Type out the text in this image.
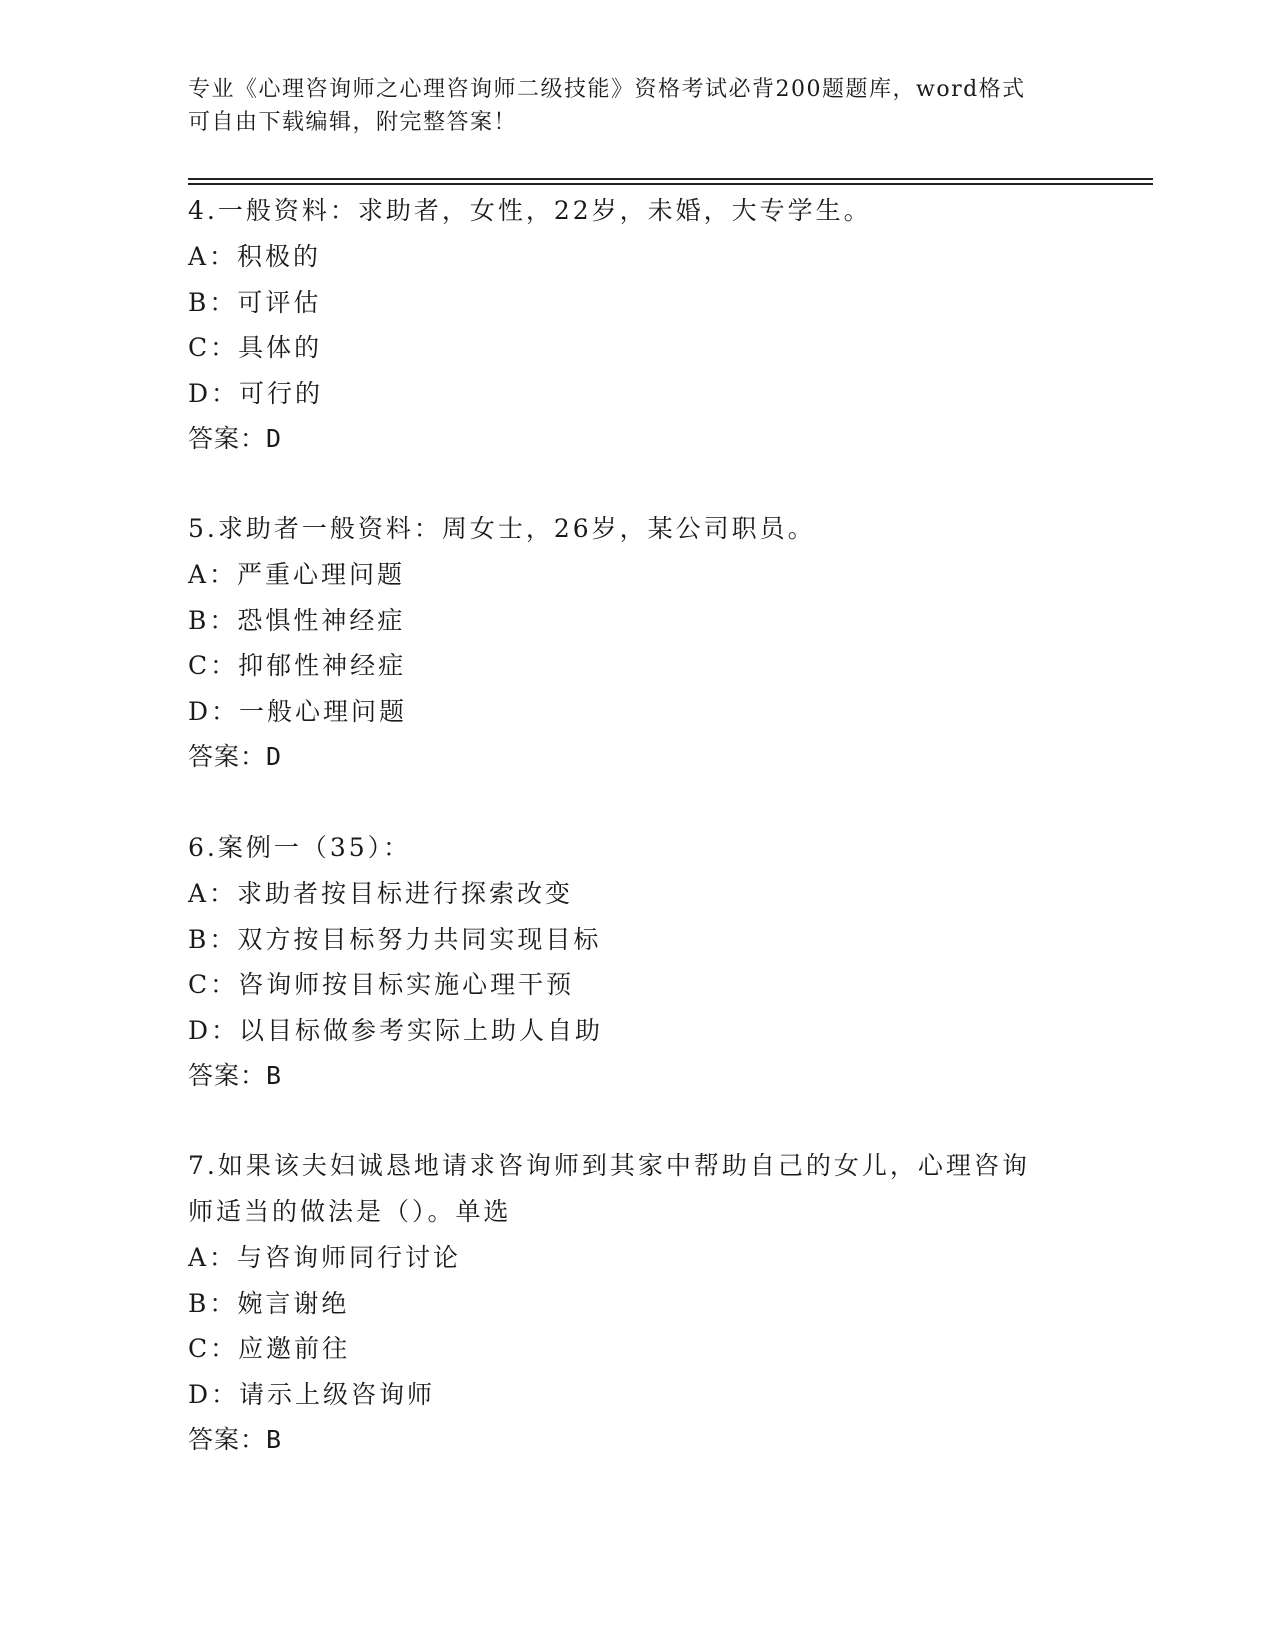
专业《心理咨询师之心理咨询师二级技能》资格考试必背200题题库，word格式
可自由下载编辑，附完整答案！
4.一般资料：求助者，女性，22岁，未婚，大专学生。
A：积极的
B：可评估
C：具体的
D：可行的
答案：D
5.求助者一般资料：周女士，26岁，某公司职员。
A：严重心理问题
B：恐惧性神经症
C：抑郁性神经症
D：一般心理问题
答案：D
6.案例一（35）：
A：求助者按目标进行探索改变
B：双方按目标努力共同实现目标
C：咨询师按目标实施心理干预
D：以目标做参考实际上助人自助
答案：B
7.如果该夫妇诚恳地请求咨询师到其家中帮助自己的女儿，心理咨询
师适当的做法是（）。单选
A：与咨询师同行讨论
B：婉言谢绝
C：应邀前往
D：请示上级咨询师
答案：B
